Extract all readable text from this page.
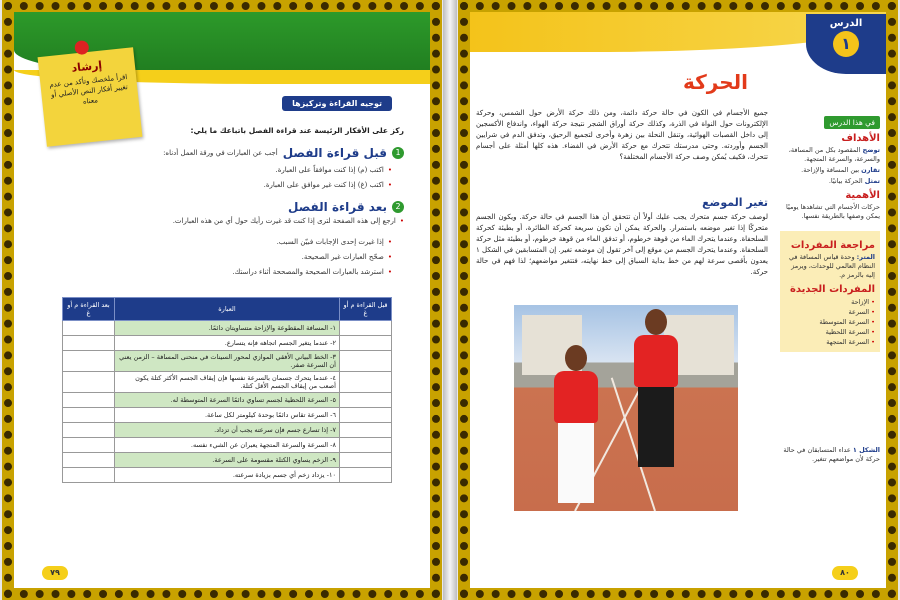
إرشاد

اقرأ ملخصك وتأكد من عدم تغيير أفكار النص الأصلي أو معناه	توجيه القراءة وتركيزها
ركز على الأفكار الرئيسة عند قراءة الفصل باتباعك ما يلي:
1
قبل قراءة الفصل
أجب عن العبارات في ورقة العمل أدناه:
• اكتب (م) إذا كنت موافقاً على العبارة.
• اكتب (غ) إذا كنت غير موافق على العبارة.
2
بعد قراءة الفصل
• ارجع إلى هذه الصفحة لترى إذا كنت قد غيرت رأيك حول أي من هذه العبارات.
• إذا غيرت إحدى الإجابات فبيّن السبب.
• صحّح العبارات غير الصحيحة.
• استرشد بالعبارات الصحيحة والمصححة أثناء دراستك.
قبل القراءة م أو غ	العبارة	بعد القراءة م أو غ
	١- المسافة المقطوعة والإزاحة متساويتان دائمًا.	
	٢- عندما يتغير الجسم اتجاهه فإنه يتسارع.	
	٣- الخط البياني الأفقي الموازي لمحور السينات في منحنى المسافة – الزمن يعني أن السرعة صفر.	
	٤- عندما يتحرك جسمان بالسرعة نفسها فإن إيقاف الجسم الأكثر كتلة يكون أصعب من إيقاف الجسم الأقل كتلة.	
	٥- السرعة اللحظية لجسم تساوي دائمًا السرعة المتوسطة له.	
	٦- السرعة تقاس دائمًا بوحدة كيلومتر لكل ساعة.	
	٧- إذا تسارع جسم فإن سرعته يجب أن تزداد.	
	٨- السرعة والسرعة المتجهة يعبران عن الشيء نفسه.	
	٩- الزخم يساوي الكتلة مقسومة على السرعة.	
	١٠- يزداد زخم أي جسم بزيادة سرعته.	
٧٩
الدرس
١
الحركة
في هذا الدرس
الأهداف
توضح المقصود بكل من المسافة، والسرعة، والسرعة المتجهة.
تقارن بين المسافة والإزاحة.
تمثل الحركة بيانيًا.
الأهمية
حركات الأجسام التي تشاهدها يوميًا يمكن وصفها بالطريقة نفسها.
مراجعة المفردات
المتر: وحدة قياس المسافة في النظام العالمي للوحدات، ويرمز إليه بالرمز م.
المفردات الجديدة
• الإزاحة
• السرعة
• السرعة المتوسطة
• السرعة اللحظية
• السرعة المتجهة
جميع الأجسام في الكون في حالة حركة دائمة، ومن ذلك حركة الأرض حول الشمس، وحركة الإلكترونات حول النواة في الذرة، وكذلك حركة أوراق الشجر نتيجة حركة الهواء، واندفاع الأكسجين إلى داخل القصبات الهوائية، وتنقل النحلة بين زهرة وأخرى لتجميع الرحيق، وتدفق الدم في شرايين الجسم وأوردته. وحتى مدرستك تتحرك مع حركة الأرض في الفضاء. هذه كلها أمثلة على أجسام تتحرك، فكيف يُمكن وصف حركة الأجسام المختلفة؟
تغير الموضع
لوصف حركة جسم متحرك يجب عليك أولاً أن تتحقق أن هذا الجسم في حالة حركة. ويكون الجسم متحركًا إذا تغير موضعه باستمرار. والحركة يمكن أن تكون سريعة كحركة الطائرة، أو بطيئة كحركة السلحفاة. وعندما يتحرك الماء من قوهة خرطوم، أو تدفق الماء من قوهة خرطوم، أو بطيئة مثل حركة السلحفاة. وعندما يتحرك الجسم من موقع إلى آخر تقول إن موضعه تغير. إن المتسابقين في الشكل ١ يعدون بأقصى سرعة لهم من خط بداية السباق إلى خط نهايته، فتتغير مواضعهم؛ لذا فهم في حالة حركة.
الشكل ١ عداء المتسابقان في حالة حركة لأن مواضعهم تتغير.
٨٠
